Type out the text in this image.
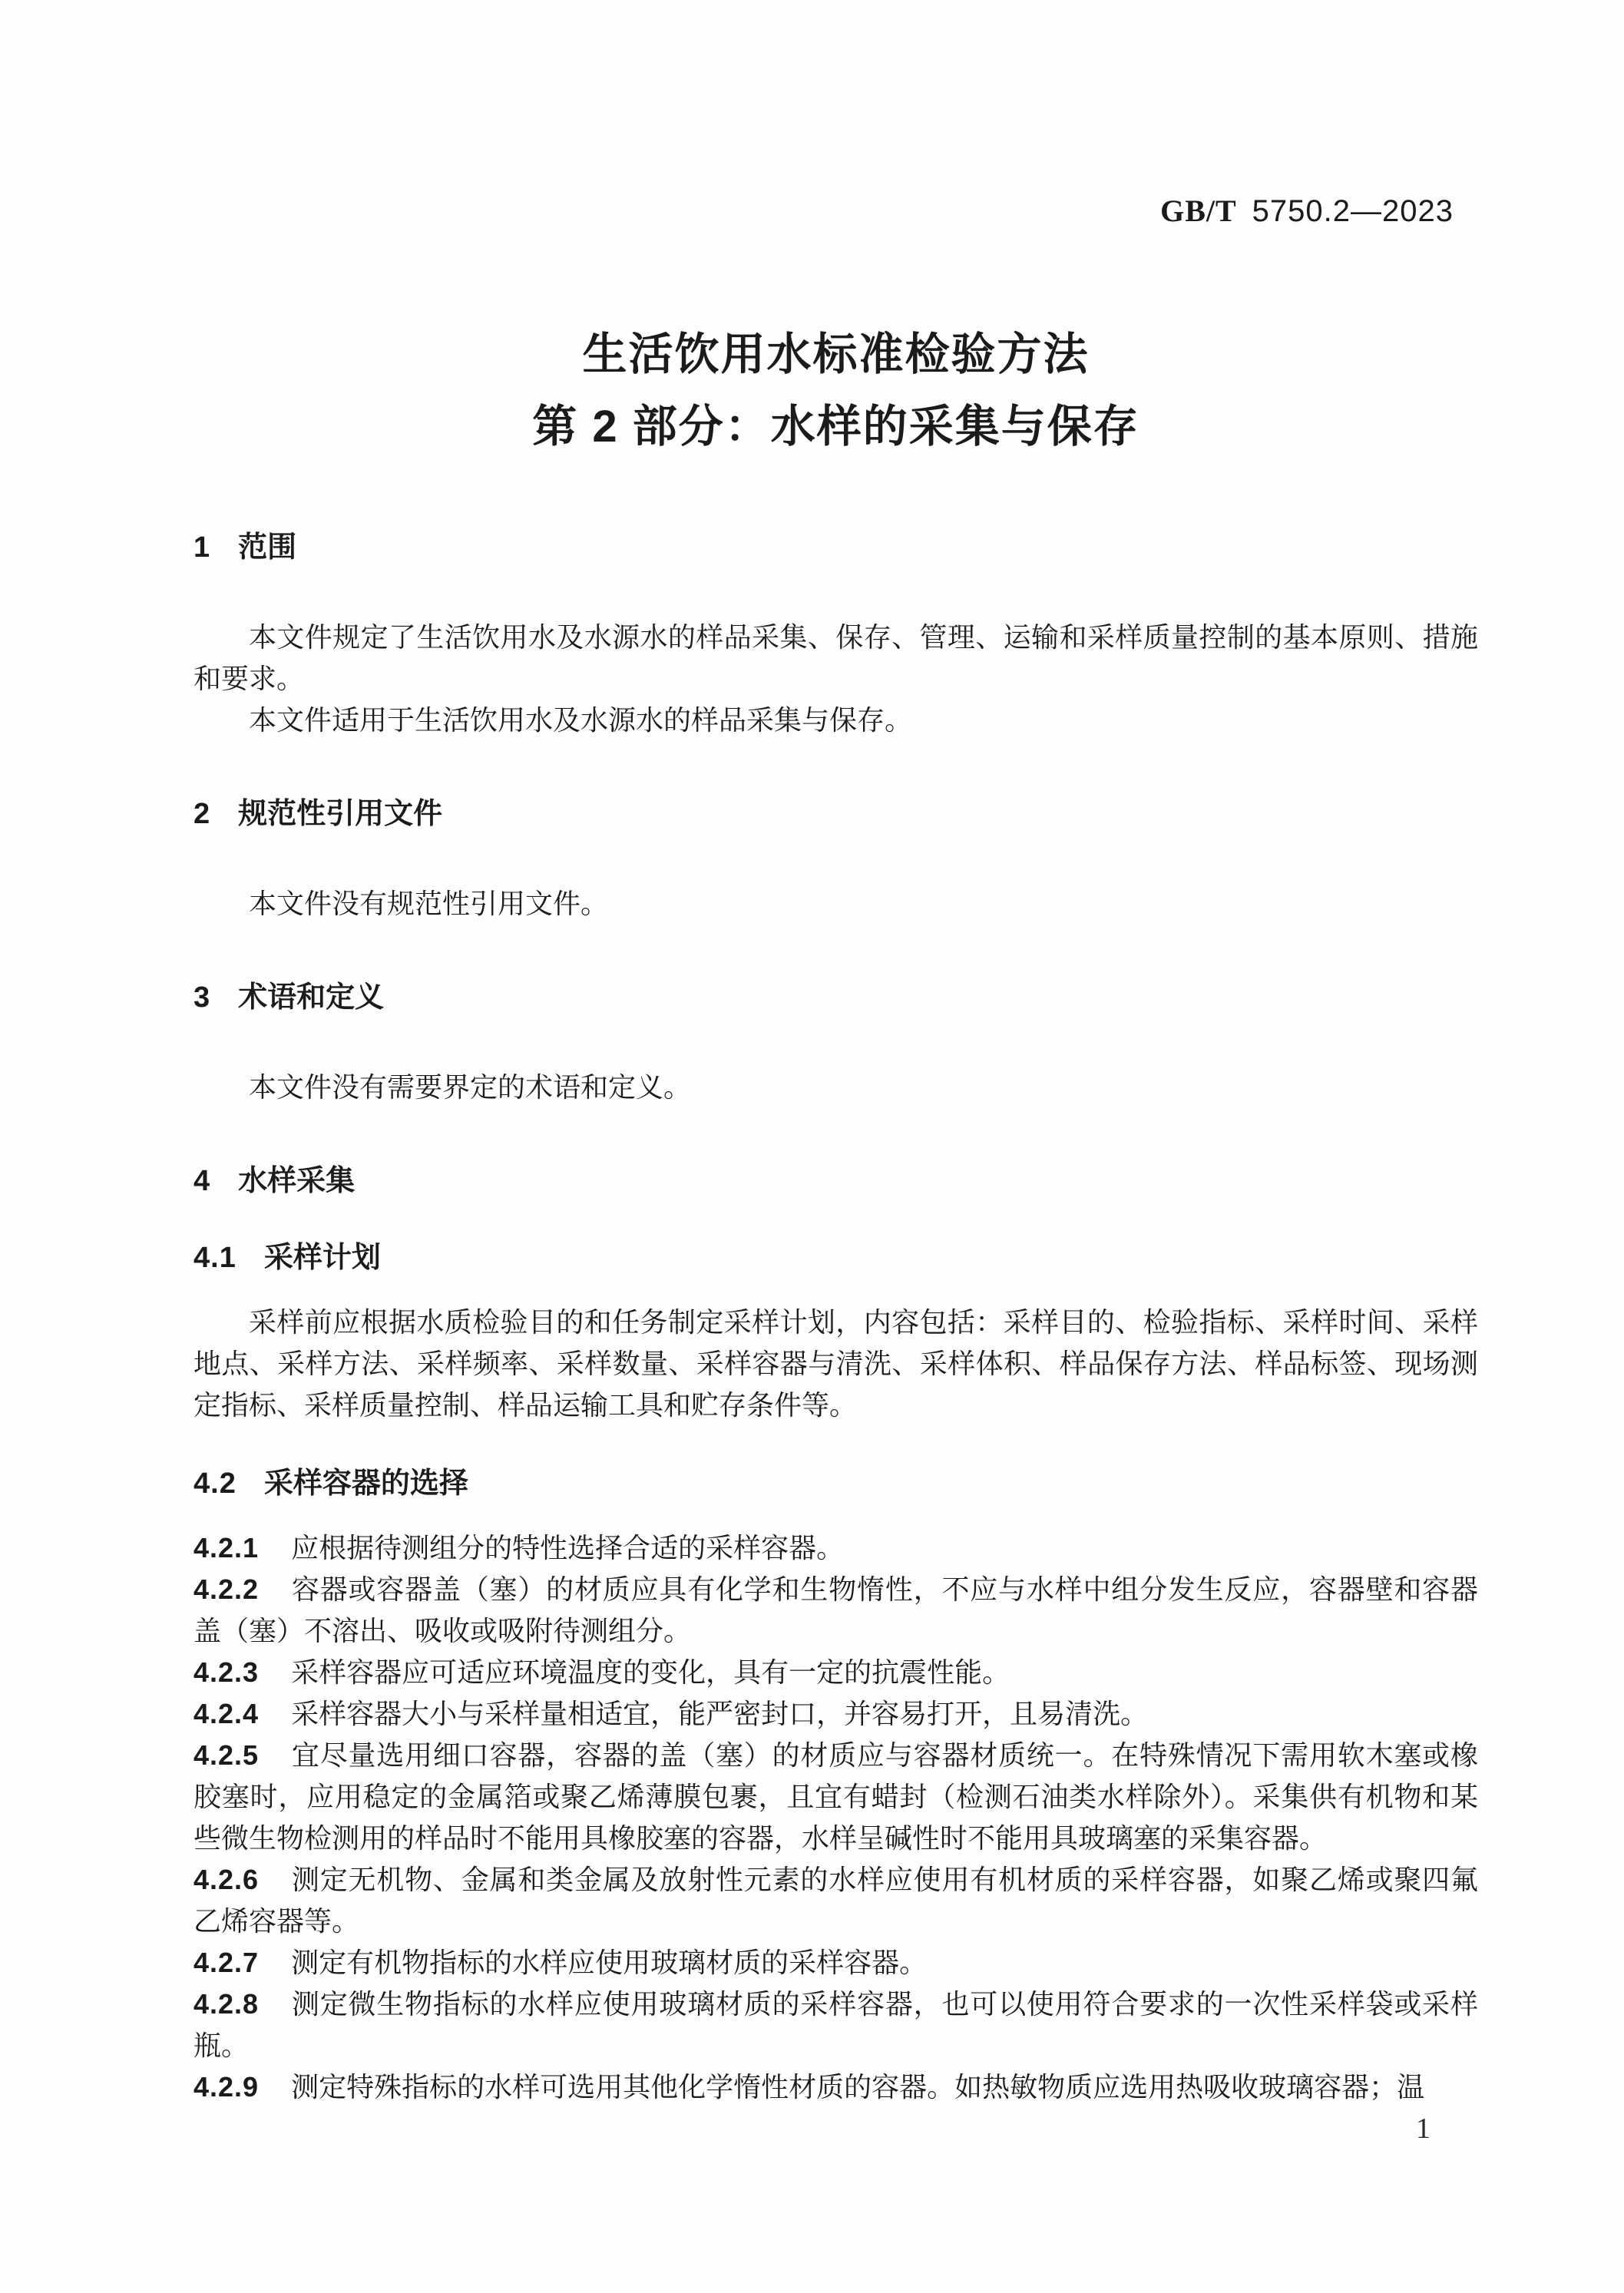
GB/T 5750.2—2023
生活饮用水标准检验方法
第 2 部分：水样的采集与保存
1 范围

本文件规定了生活饮用水及水源水的样品采集、保存、管理、运输和采样质量控制的基本原则、措施和要求。

本文件适用于生活饮用水及水源水的样品采集与保存。

2 规范性引用文件

本文件没有规范性引用文件。

3 术语和定义

本文件没有需要界定的术语和定义。

4 水样采集
4.1 采样计划

采样前应根据水质检验目的和任务制定采样计划，内容包括：采样目的、检验指标、采样时间、采样地点、采样方法、采样频率、采样数量、采样容器与清洗、采样体积、样品保存方法、样品标签、现场测定指标、采样质量控制、样品运输工具和贮存条件等。

4.2 采样容器的选择

4.2.1 应根据待测组分的特性选择合适的采样容器。

4.2.2 容器或容器盖（塞）的材质应具有化学和生物惰性，不应与水样中组分发生反应，容器壁和容器盖（塞）不溶出、吸收或吸附待测组分。

4.2.3 采样容器应可适应环境温度的变化，具有一定的抗震性能。

4.2.4 采样容器大小与采样量相适宜，能严密封口，并容易打开，且易清洗。

4.2.5 宜尽量选用细口容器，容器的盖（塞）的材质应与容器材质统一。在特殊情况下需用软木塞或橡胶塞时，应用稳定的金属箔或聚乙烯薄膜包裹，且宜有蜡封（检测石油类水样除外）。采集供有机物和某些微生物检测用的样品时不能用具橡胶塞的容器，水样呈碱性时不能用具玻璃塞的采集容器。

4.2.6 测定无机物、金属和类金属及放射性元素的水样应使用有机材质的采样容器，如聚乙烯或聚四氟乙烯容器等。

4.2.7 测定有机物指标的水样应使用玻璃材质的采样容器。

4.2.8 测定微生物指标的水样应使用玻璃材质的采样容器，也可以使用符合要求的一次性采样袋或采样瓶。

4.2.9 测定特殊指标的水样可选用其他化学惰性材质的容器。如热敏物质应选用热吸收玻璃容器；温

1
